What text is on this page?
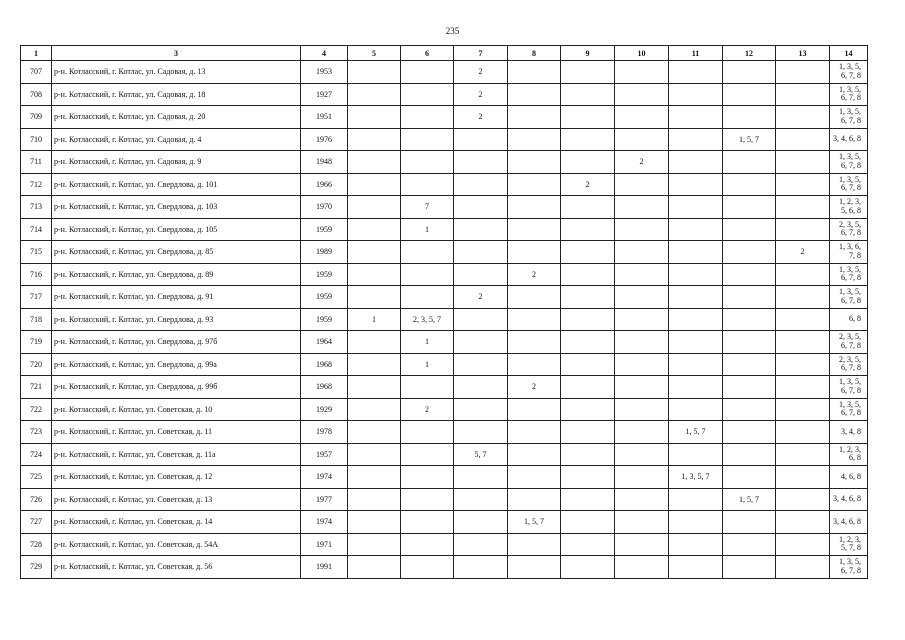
235
1	3	4	5	6	7	8	9	10	11	12	13	14
707	р-н. Котласский, г. Котлас, ул. Садовая, д. 13	1953			2							1, 3, 5, 6, 7, 8
708	р-н. Котласский, г. Котлас, ул. Садовая, д. 18	1927			2							1, 3, 5, 6, 7, 8
709	р-н. Котласский, г. Котлас, ул. Садовая, д. 20	1951			2							1, 3, 5, 6, 7, 8
710	р-н. Котласский, г. Котлас, ул. Садовая, д. 4	1976								1, 5, 7		3, 4, 6, 8
711	р-н. Котласский, г. Котлас, ул. Садовая, д. 9	1948						2				1, 3, 5, 6, 7, 8
712	р-н. Котласский, г. Котлас, ул. Свердлова, д. 101	1966					2					1, 3, 5, 6, 7, 8
713	р-н. Котласский, г. Котлас, ул. Свердлова, д. 103	1970		7								1, 2, 3, 5, 6, 8
714	р-н. Котласский, г. Котлас, ул. Свердлова, д. 105	1959		1								2, 3, 5, 6, 7, 8
715	р-н. Котласский, г. Котлас, ул. Свердлова, д. 85	1989									2	1, 3, 6, 7, 8
716	р-н. Котласский, г. Котлас, ул. Свердлова, д. 89	1959				2						1, 3, 5, 6, 7, 8
717	р-н. Котласский, г. Котлас, ул. Свердлова, д. 91	1959			2							1, 3, 5, 6, 7, 8
718	р-н. Котласский, г. Котлас, ул. Свердлова, д. 93	1959	1	2, 3, 5, 7								6, 8
719	р-н. Котласский, г. Котлас, ул. Свердлова, д. 97б	1964		1								2, 3, 5, 6, 7, 8
720	р-н. Котласский, г. Котлас, ул. Свердлова, д. 99а	1968		1								2, 3, 5, 6, 7, 8
721	р-н. Котласский, г. Котлас, ул. Свердлова, д. 99б	1968				2						1, 3, 5, 6, 7, 8
722	р-н. Котласский, г. Котлас, ул. Советская, д. 10	1929		2								1, 3, 5, 6, 7, 8
723	р-н. Котласский, г. Котлас, ул. Советская, д. 11	1978							1, 5, 7			3, 4, 8
724	р-н. Котласский, г. Котлас, ул. Советская, д. 11а	1957			5, 7							1, 2, 3, 6, 8
725	р-н. Котласский, г. Котлас, ул. Советская, д. 12	1974							1, 3, 5, 7			4, 6, 8
726	р-н. Котласский, г. Котлас, ул. Советская, д. 13	1977								1, 5, 7		3, 4, 6, 8
727	р-н. Котласский, г. Котлас, ул. Советская, д. 14	1974				1, 5, 7						3, 4, 6, 8
728	р-н. Котласский, г. Котлас, ул. Советская, д. 54А	1971										1, 2, 3, 5, 7, 8
729	р-н. Котласский, г. Котлас, ул. Советская, д. 56	1991										1, 3, 5, 6, 7, 8
